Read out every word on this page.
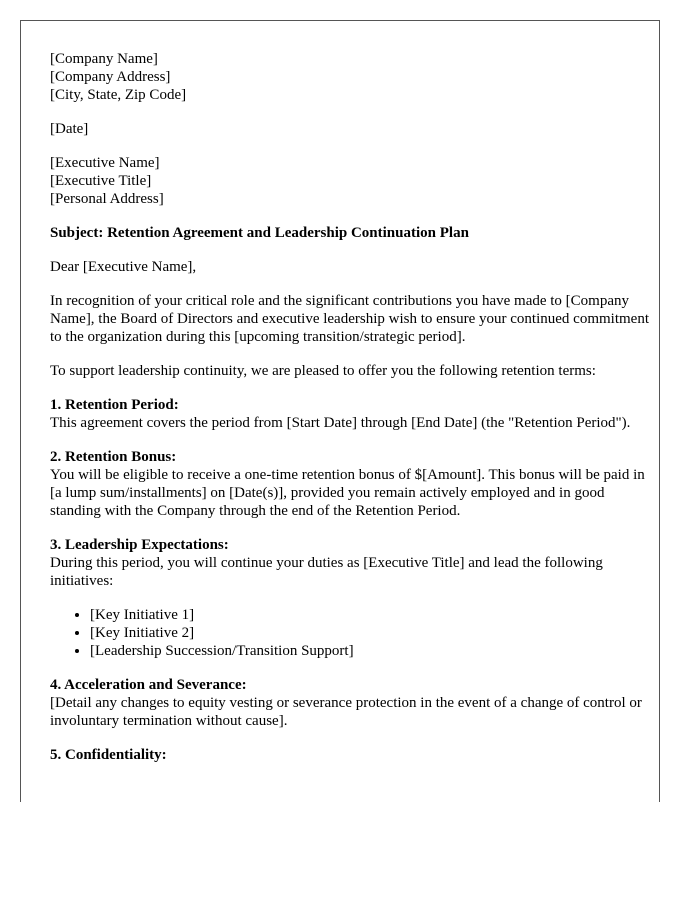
[Company Name]
[Company Address]
[City, State, Zip Code]
[Date]
[Executive Name]
[Executive Title]
[Personal Address]

Subject: Retention Agreement and Leadership Continuation Plan

Dear [Executive Name],

In recognition of your critical role and the significant contributions you have made to [Company Name], the Board of Directors and executive leadership wish to ensure your continued commitment to the organization during this [upcoming transition/strategic period].

To support leadership continuity, we are pleased to offer you the following retention terms:

1. Retention Period:
This agreement covers the period from [Start Date] through [End Date] (the "Retention Period").
2. Retention Bonus:
You will be eligible to receive a one-time retention bonus of $[Amount]. This bonus will be paid in [a lump sum/installments] on [Date(s)], provided you remain actively employed and in good standing with the Company through the end of the Retention Period.
3. Leadership Expectations:
During this period, you will continue your duties as [Executive Title] and lead the following initiatives:
• [Key Initiative 1]
• [Key Initiative 2]
• [Leadership Succession/Transition Support]
4. Acceleration and Severance:
[Detail any changes to equity vesting or severance protection in the event of a change of control or involuntary termination without cause].
5. Confidentiality:
